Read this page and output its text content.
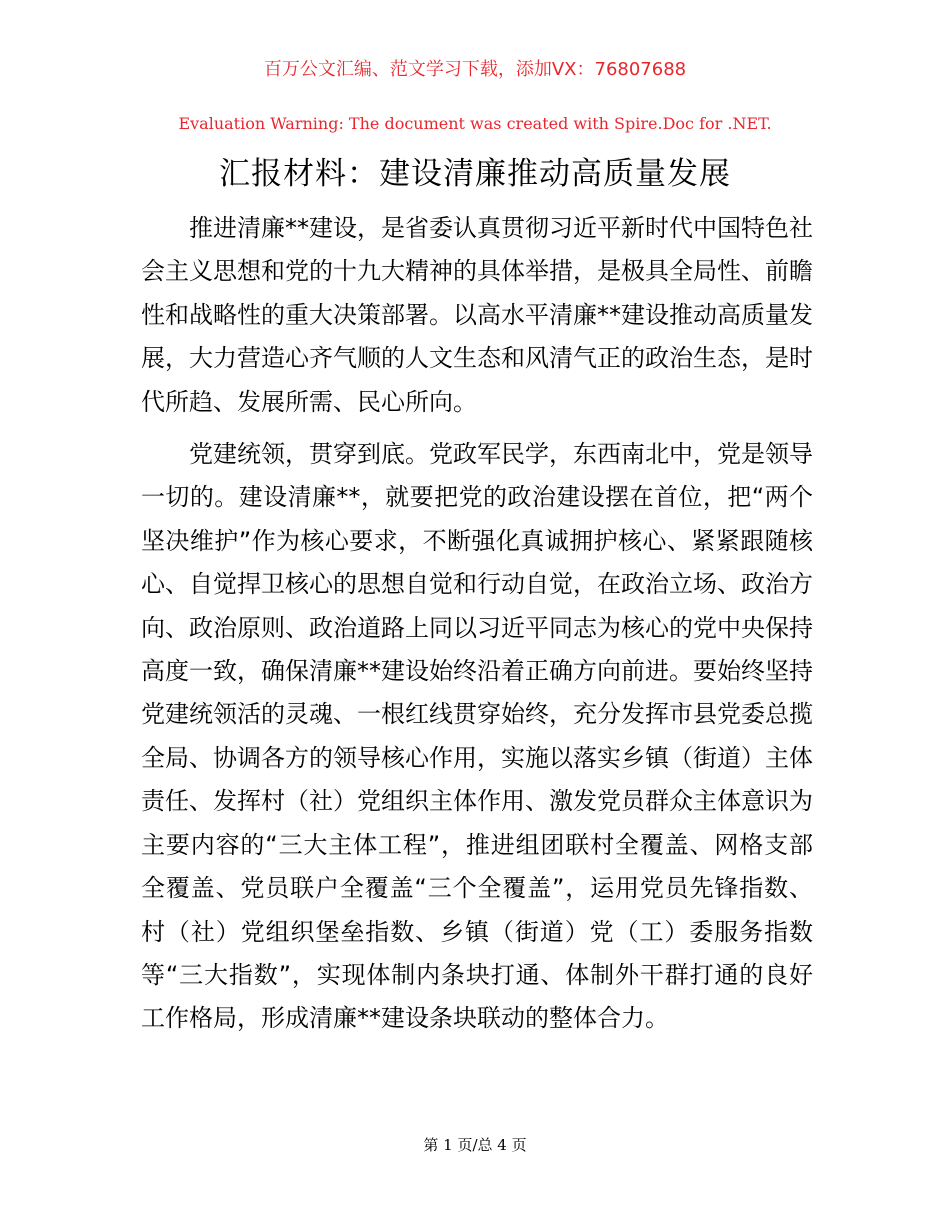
百万公文汇编、范文学习下载，添加VX：76807688
Evaluation Warning: The document was created with Spire.Doc for .NET.
汇报材料：建设清廉推动高质量发展

推进清廉**建设，是省委认真贯彻习近平新时代中国特色社会主义思想和党的十九大精神的具体举措，是极具全局性、前瞻性和战略性的重大决策部署。以高水平清廉**建设推动高质量发展，大力营造心齐气顺的人文生态和风清气正的政治生态，是时代所趋、发展所需、民心所向。

党建统领，贯穿到底。党政军民学，东西南北中，党是领导一切的。建设清廉**，就要把党的政治建设摆在首位，把“两个坚决维护”作为核心要求，不断强化真诚拥护核心、紧紧跟随核心、自觉捍卫核心的思想自觉和行动自觉，在政治立场、政治方向、政治原则、政治道路上同以习近平同志为核心的党中央保持高度一致，确保清廉**建设始终沿着正确方向前进。要始终坚持党建统领活的灵魂、一根红线贯穿始终，充分发挥市县党委总揽全局、协调各方的领导核心作用，实施以落实乡镇（街道）主体责任、发挥村（社）党组织主体作用、激发党员群众主体意识为主要内容的“三大主体工程”，推进组团联村全覆盖、网格支部全覆盖、党员联户全覆盖“三个全覆盖”，运用党员先锋指数、村（社）党组织堡垒指数、乡镇（街道）党（工）委服务指数等“三大指数”，实现体制内条块打通、体制外干群打通的良好工作格局，形成清廉**建设条块联动的整体合力。

第 1 页/总 4 页
